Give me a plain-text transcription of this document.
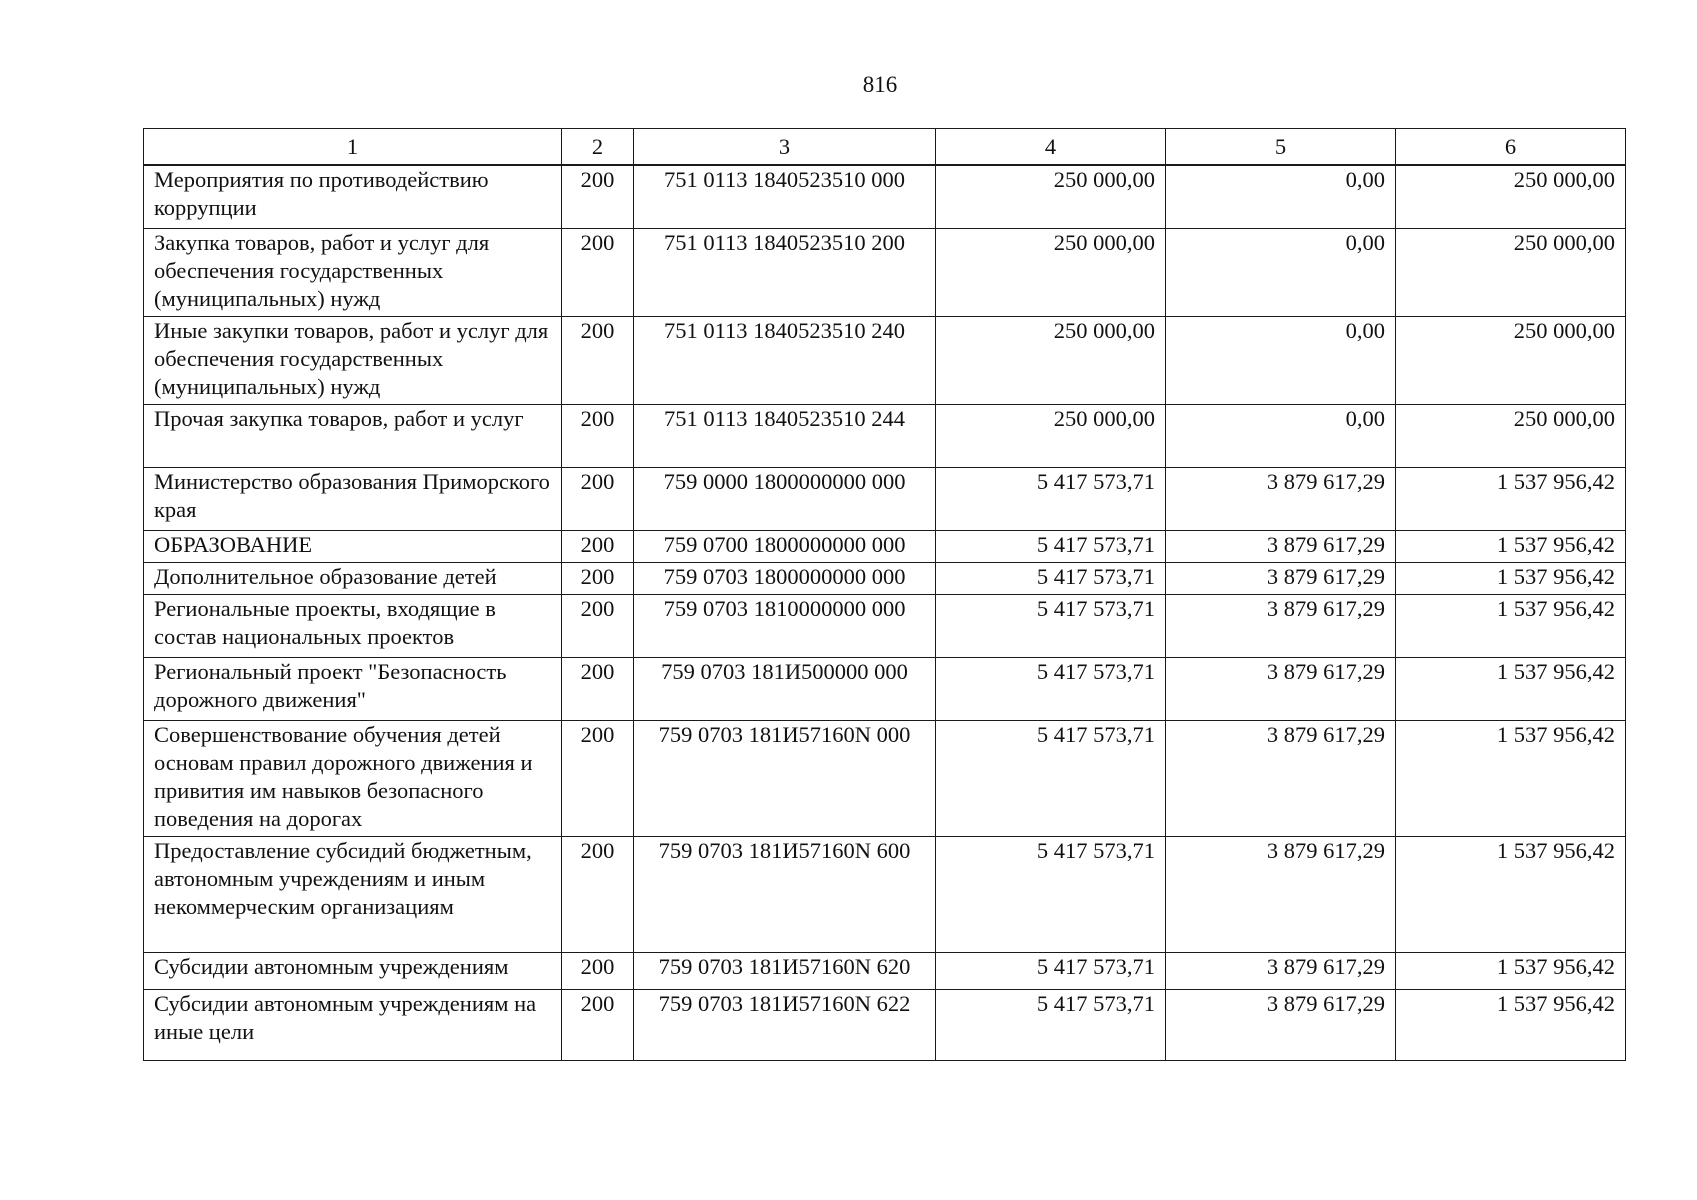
816
1	2	3	4	5	6
Мероприятия по противодействию коррупции	200	751 0113 1840523510 000	250 000,00	0,00	250 000,00
Закупка товаров, работ и услуг для обеспечения государственных (муниципальных) нужд	200	751 0113 1840523510 200	250 000,00	0,00	250 000,00
Иные закупки товаров, работ и услуг для обеспечения государственных (муниципальных) нужд	200	751 0113 1840523510 240	250 000,00	0,00	250 000,00
Прочая закупка товаров, работ и услуг	200	751 0113 1840523510 244	250 000,00	0,00	250 000,00
Министерство образования Приморского края	200	759 0000 1800000000 000	5 417 573,71	3 879 617,29	1 537 956,42
ОБРАЗОВАНИЕ	200	759 0700 1800000000 000	5 417 573,71	3 879 617,29	1 537 956,42
Дополнительное образование детей	200	759 0703 1800000000 000	5 417 573,71	3 879 617,29	1 537 956,42
Региональные проекты, входящие в состав национальных проектов	200	759 0703 1810000000 000	5 417 573,71	3 879 617,29	1 537 956,42
Региональный проект "Безопасность дорожного движения"	200	759 0703 181И500000 000	5 417 573,71	3 879 617,29	1 537 956,42
Совершенствование обучения детей основам правил дорожного движения и привития им навыков безопасного поведения на дорогах	200	759 0703 181И57160N 000	5 417 573,71	3 879 617,29	1 537 956,42
Предоставление субсидий бюджетным, автономным учреждениям и иным некоммерческим организациям	200	759 0703 181И57160N 600	5 417 573,71	3 879 617,29	1 537 956,42
Субсидии автономным учреждениям	200	759 0703 181И57160N 620	5 417 573,71	3 879 617,29	1 537 956,42
Субсидии автономным учреждениям на иные цели	200	759 0703 181И57160N 622	5 417 573,71	3 879 617,29	1 537 956,42
